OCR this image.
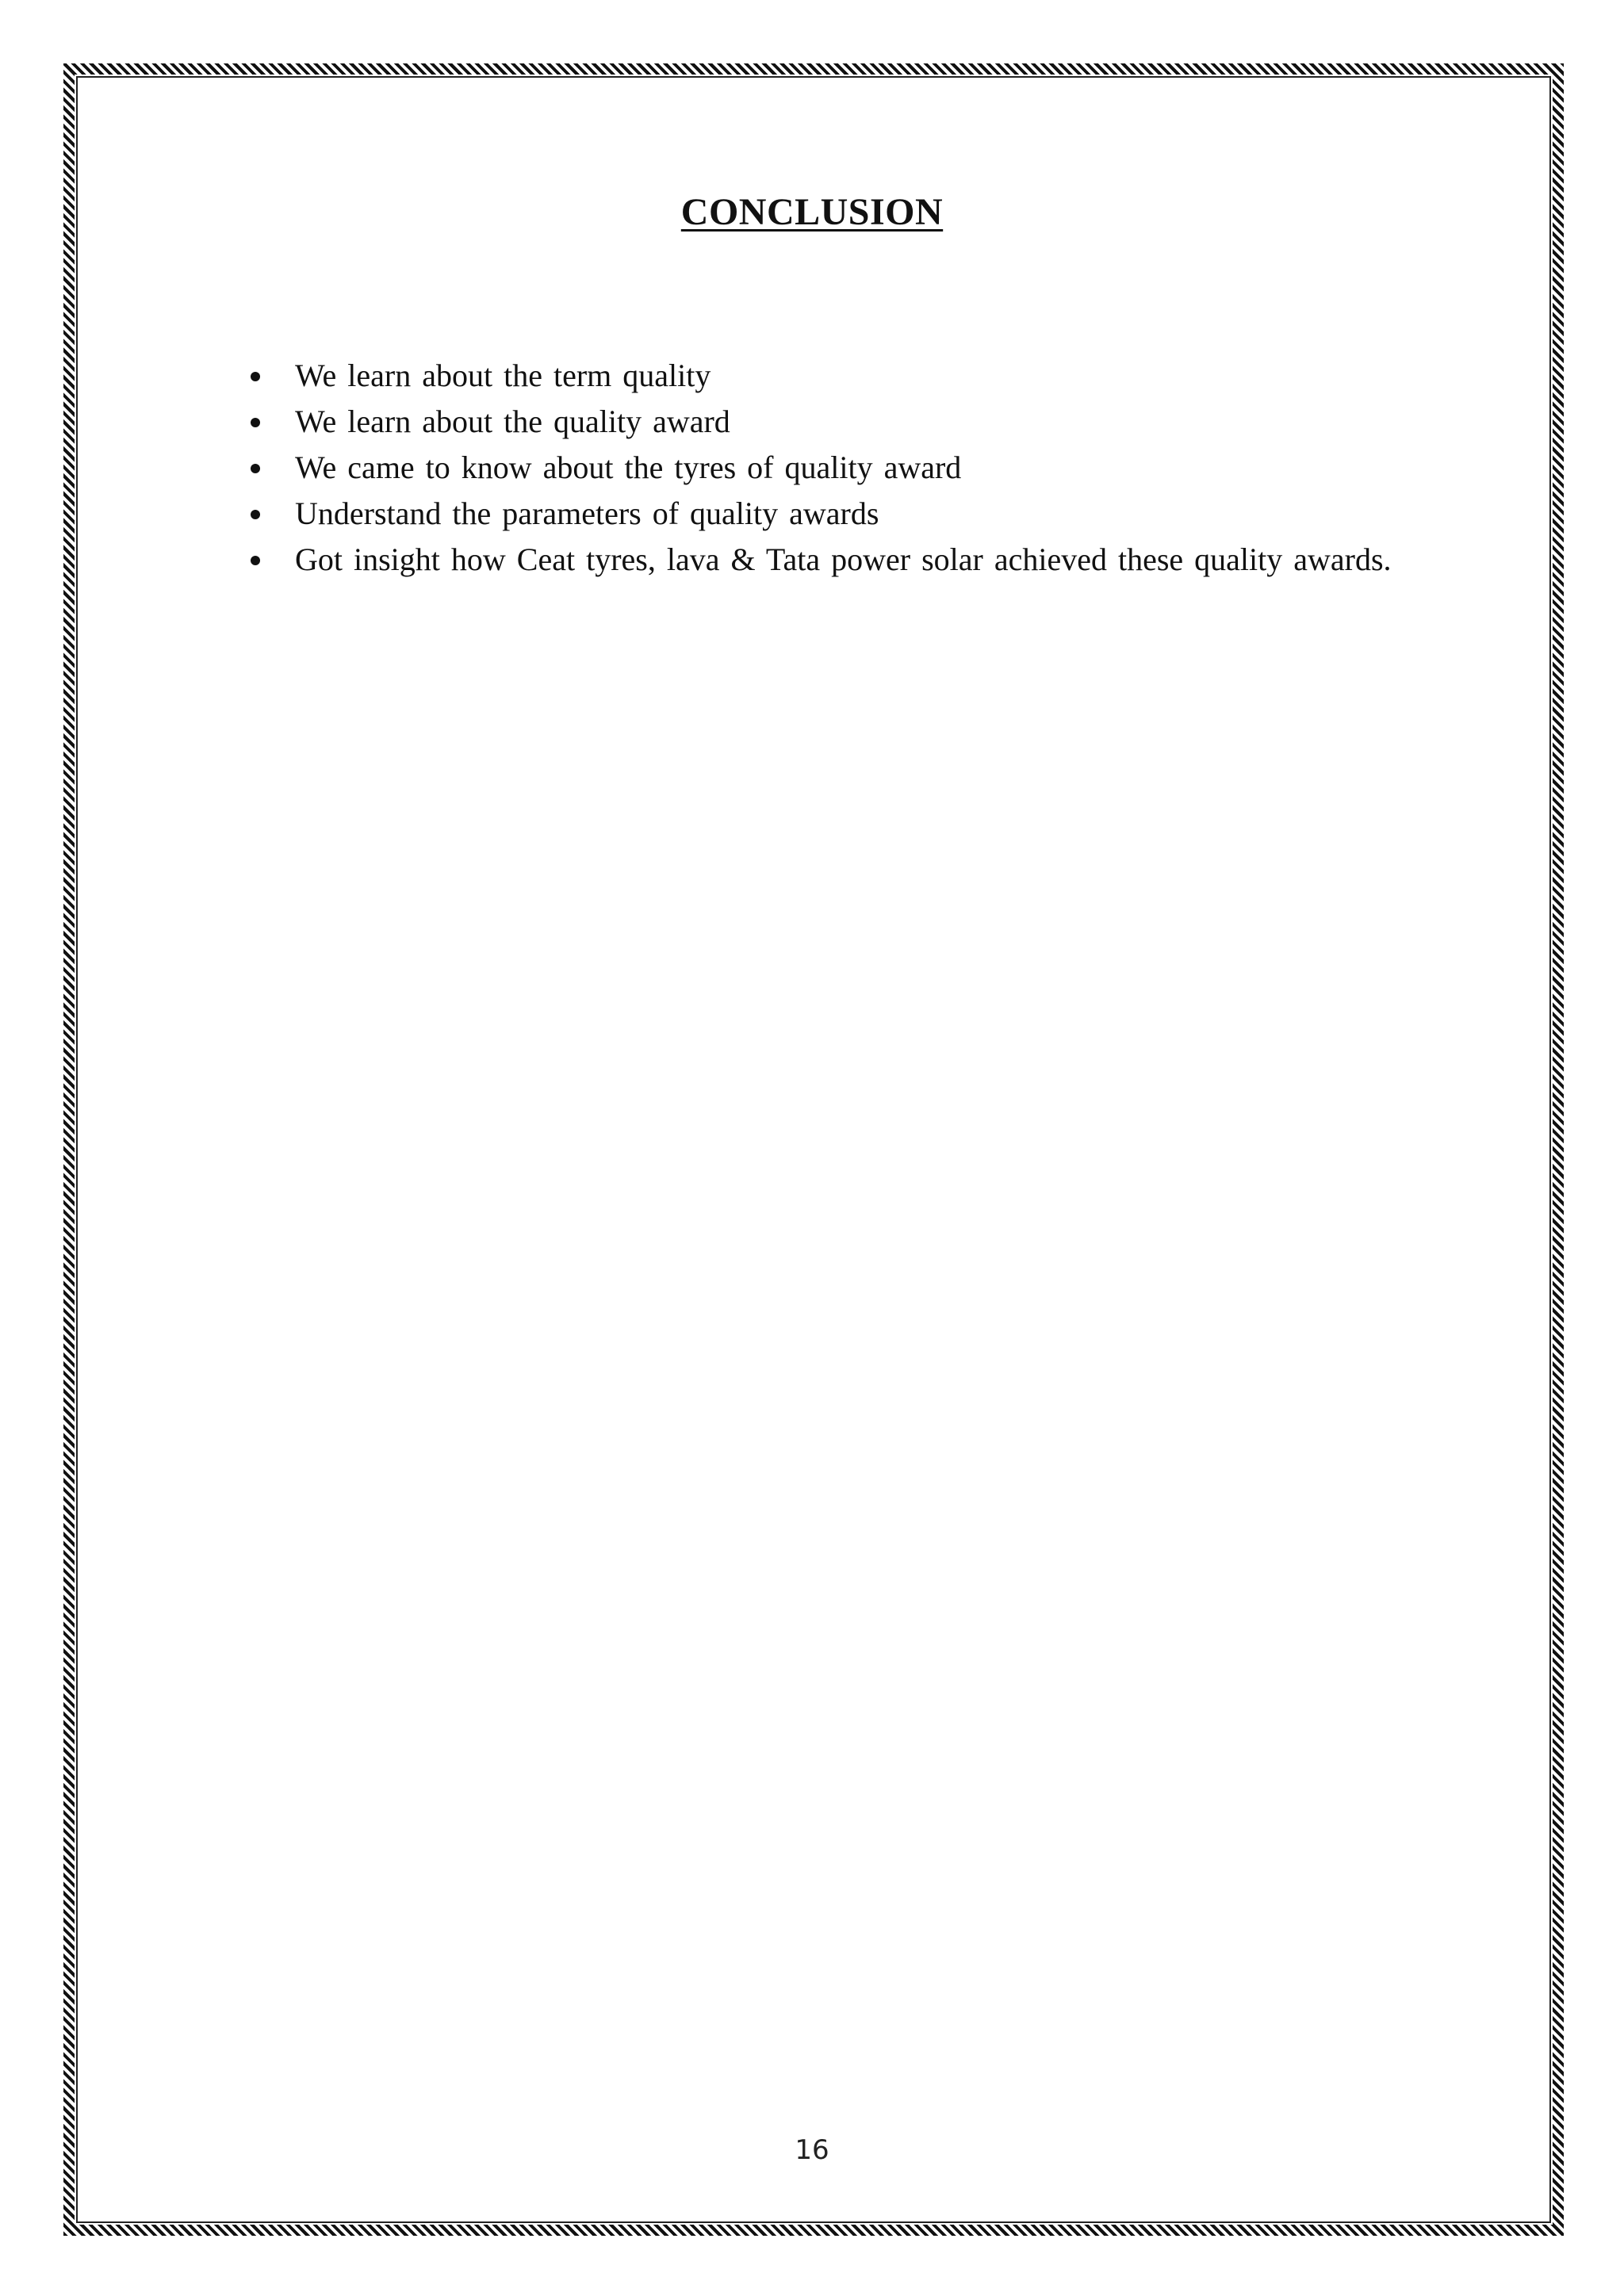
CONCLUSION
We learn about the term quality
We learn about the quality award
We came to know about the tyres of quality award
Understand the parameters of quality awards
Got insight how Ceat tyres, lava & Tata power solar achieved these quality awards.
16
